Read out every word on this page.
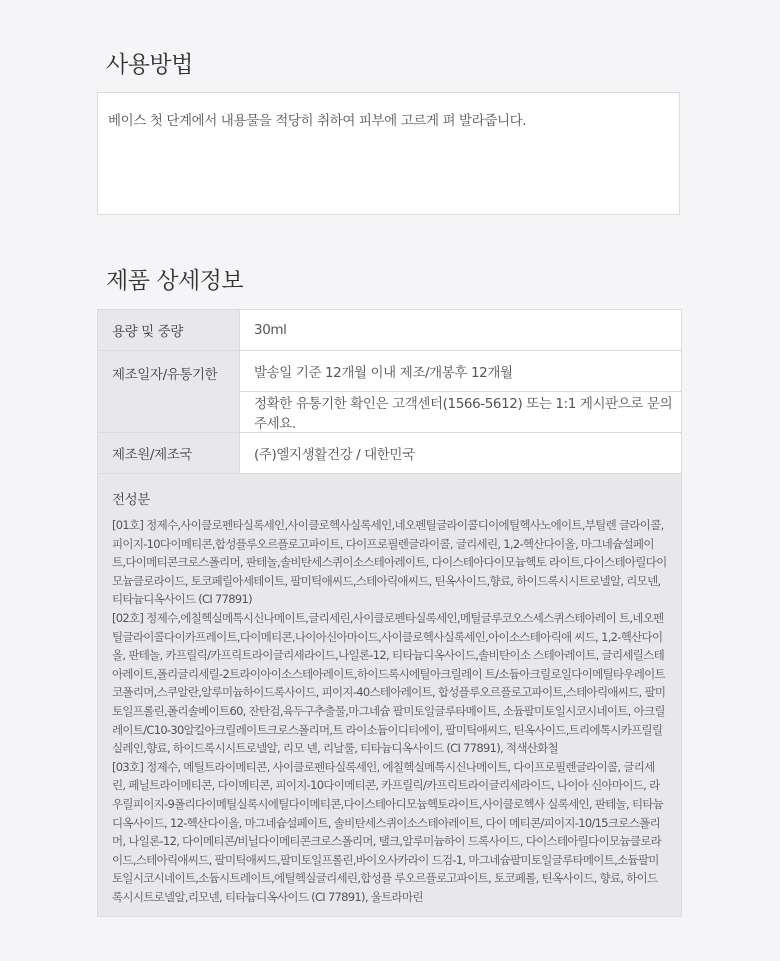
사용방법
베이스 첫 단계에서 내용물을 적당히 취하여 피부에 고르게 펴 발라줍니다.
제품 상세정보
용량 및 중량	30ml
제조일자/유통기한	발송일 기준 12개월 이내 제조/개봉후 12개월
정확한 유통기한 확인은 고객센터(1566-5612) 또는 1:1 게시판으로 문의주세요.
제조원/제조국	(주)엘지생활건강 / 대한민국
전성분

[01호] 정제수,사이클로펜타실록세인,사이클로헥사실록세인,네오펜틸글라이콜디이에틸헥사노에이트,부틸렌 글라이콜,피이지-10다이메티콘,합성플루오르플로고파이트, 다이프로필렌글라이콜, 글리세린, 1,2-헥산다이올, 마그네슘설페이트,다이메티콘크로스폴리머, 판테놀,솔비탄세스퀴이소스테아레이트, 다이스테아다이모늄헥토 라이트,다이스테아릴다이모늄클로라이드, 토코페릴아세테이트, 팔미틱애씨드,스테아릭애씨드, 틴옥사이드,향료, 하이드록시시트로넬알, 리모넨,티타늄디옥사이드 (CI 77891)

[02호] 정제수,에칠헥실메톡시신나메이트,글리세린,사이클로펜타실록세인,메틸글루코오스세스퀴스테아레이 트,네오펜틸글라이콜다이카프레이트,다이메티콘,나이아신아마이드,사이클로헥사실록세인,아이소스테아릭애 씨드, 1,2-헥산다이올, 판테놀, 카프릴릭/카프릭트라이글리세라이드,나일론-12, 티타늄디옥사이드,솔비탄이소 스테아레이트, 글리세릴스테아레이트,폴리글리세릴-2트라이아이소스테아레이트,하이드록시에틸아크릴레이 트/소듐아크릴로일다이메틸타우레이트코폴리머,스쿠알란,알루미늄하이드록사이드, 피이지-40스테아레이트, 합성플루오르플로고파이트,스테아릭애씨드, 팔미토일프롤린,폴리솔베이트60, 잔탄검,육두구추출물,마그네슘 팔미토일글루타메이트, 소듐팔미토일시코시네이트, 아크릴레이트/C10-30알킬아크릴레이트크로스폴리머,트 라이소듐이디티에이, 팔미틱애씨드, 틴옥사이드,트리에톡시카프릴릴실레인,향료, 하이드록시시트로넬알, 리모 넨, 리날룰, 티타늄디옥사이드 (CI 77891), 적색산화철

[03호] 정제수, 메틸트라이메티콘, 사이클로펜타실록세인, 에칠헥실메톡시신나메이트, 다이프로필렌글라이콜, 글리세린, 페닐트라이메티콘, 다이메티콘, 피이지-10다이메티콘, 카프릴릭/카프릭트라이글리세라이드, 나이아 신아마이드, 라우릴피이지-9폴리다이메틸실록시에틸다이메티콘,다이스테아디모늄헥토라이트,사이클로헥사 실록세인, 판테놀, 티타늄디옥사이드, 12-헥산다이올, 마그네슘설페이트, 솔비탄세스퀴이소스테아레이트, 다이 메티콘/피이지-10/15크로스폴리머, 나일론-12, 다이메티콘/비닐다이메티콘크로스폴리머, 탤크,알루미늄하이 드록사이드, 다이스테아릴다이모늄클로라이드,스테아릭애씨드, 팔미틱애씨드,팔미토일프롤린,바이오사카라이 드검-1, 마그네슘팔미토일글루타메이트,소듐팔미토일시코시네이트,소듐시트레이트,에틸헥실글리세린,합성플 루오르플로고파이트, 토코페롤, 틴옥사이드, 향료, 하이드록시시트로넬알,리모넨, 티타늄디옥사이드 (CI 77891), 울트라마린
